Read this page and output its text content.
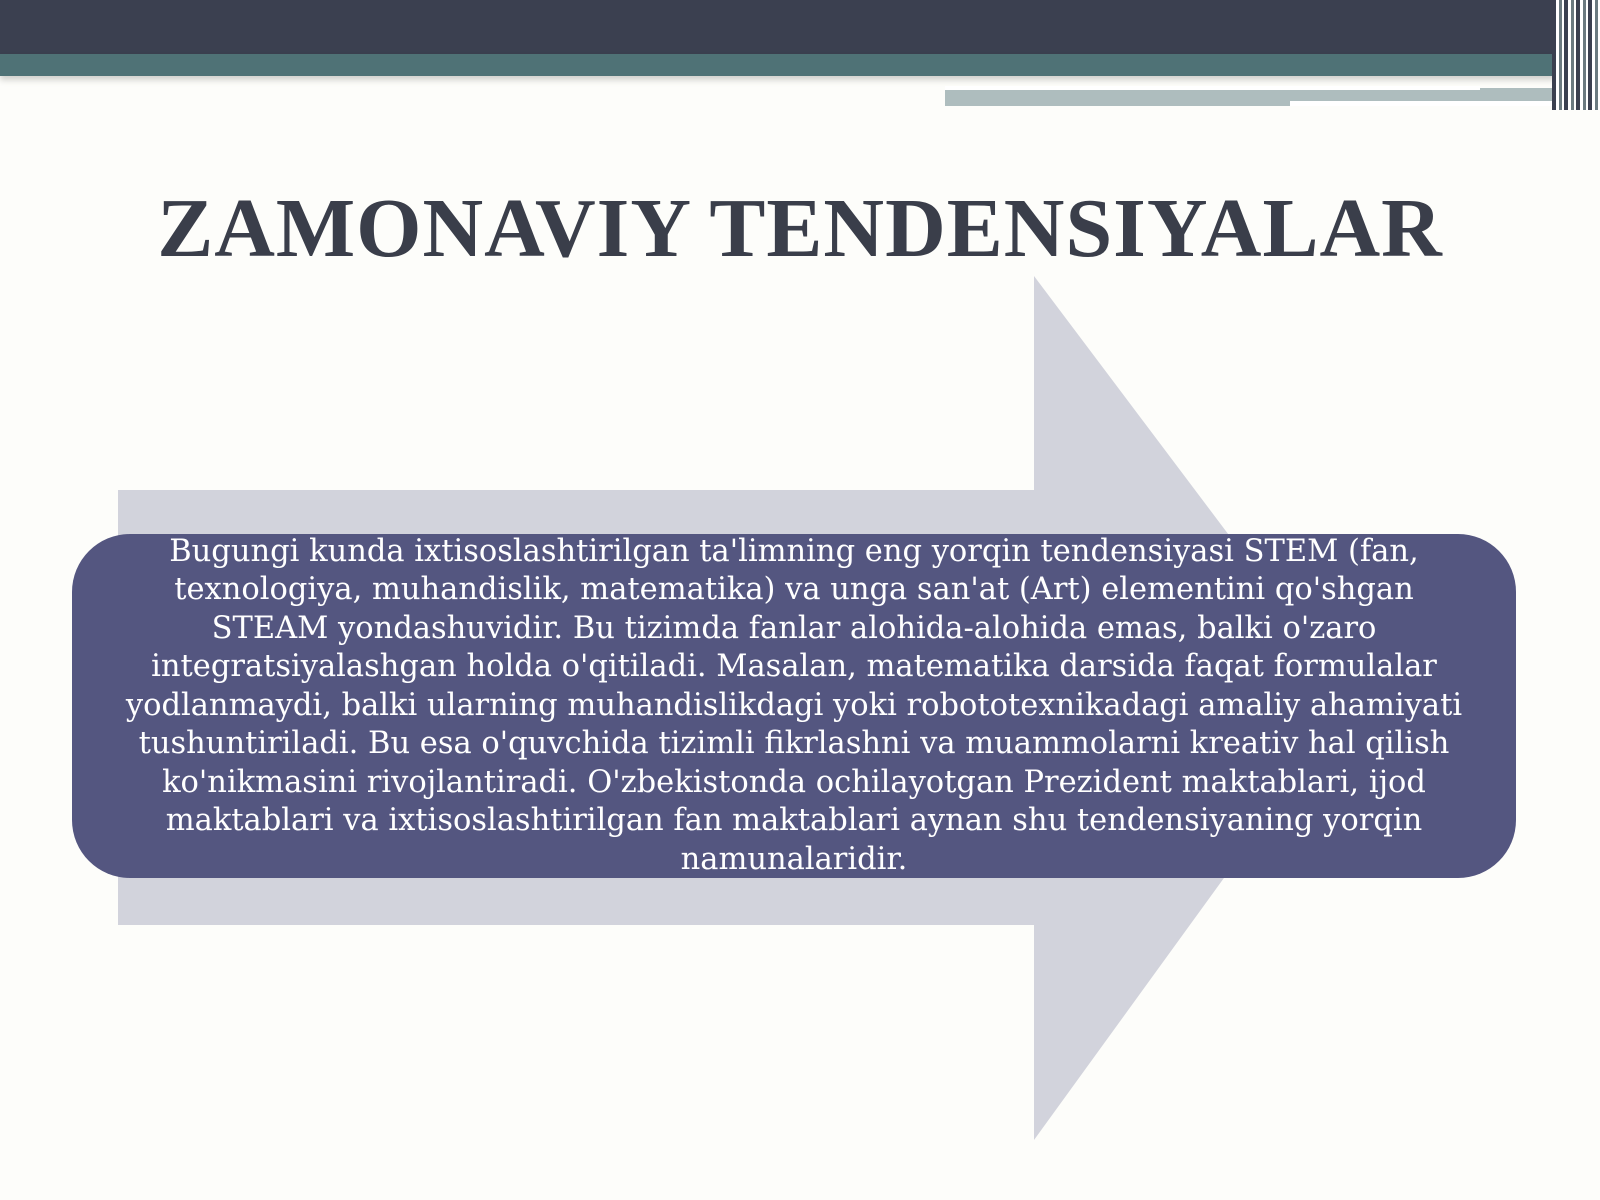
ZAMONAVIY TENDENSIYALAR

Bugungi kunda ixtisoslashtirilgan ta'limning eng yorqin tendensiyasi STEM (fan, texnologiya, muhandislik, matematika) va unga san'at (Art) elementini qo'shgan STEAM yondashuvidir. Bu tizimda fanlar alohida-alohida emas, balki o'zaro integratsiyalashgan holda o'qitiladi. Masalan, matematika darsida faqat formulalar yodlanmaydi, balki ularning muhandislikdagi yoki robototexnikadagi amaliy ahamiyati tushuntiriladi. Bu esa o'quvchida tizimli fikrlashni va muammolarni kreativ hal qilish ko'nikmasini rivojlantiradi. O'zbekistonda ochilayotgan Prezident maktablari, ijod maktablari va ixtisoslashtirilgan fan maktablari aynan shu tendensiyaning yorqin namunalaridir.
